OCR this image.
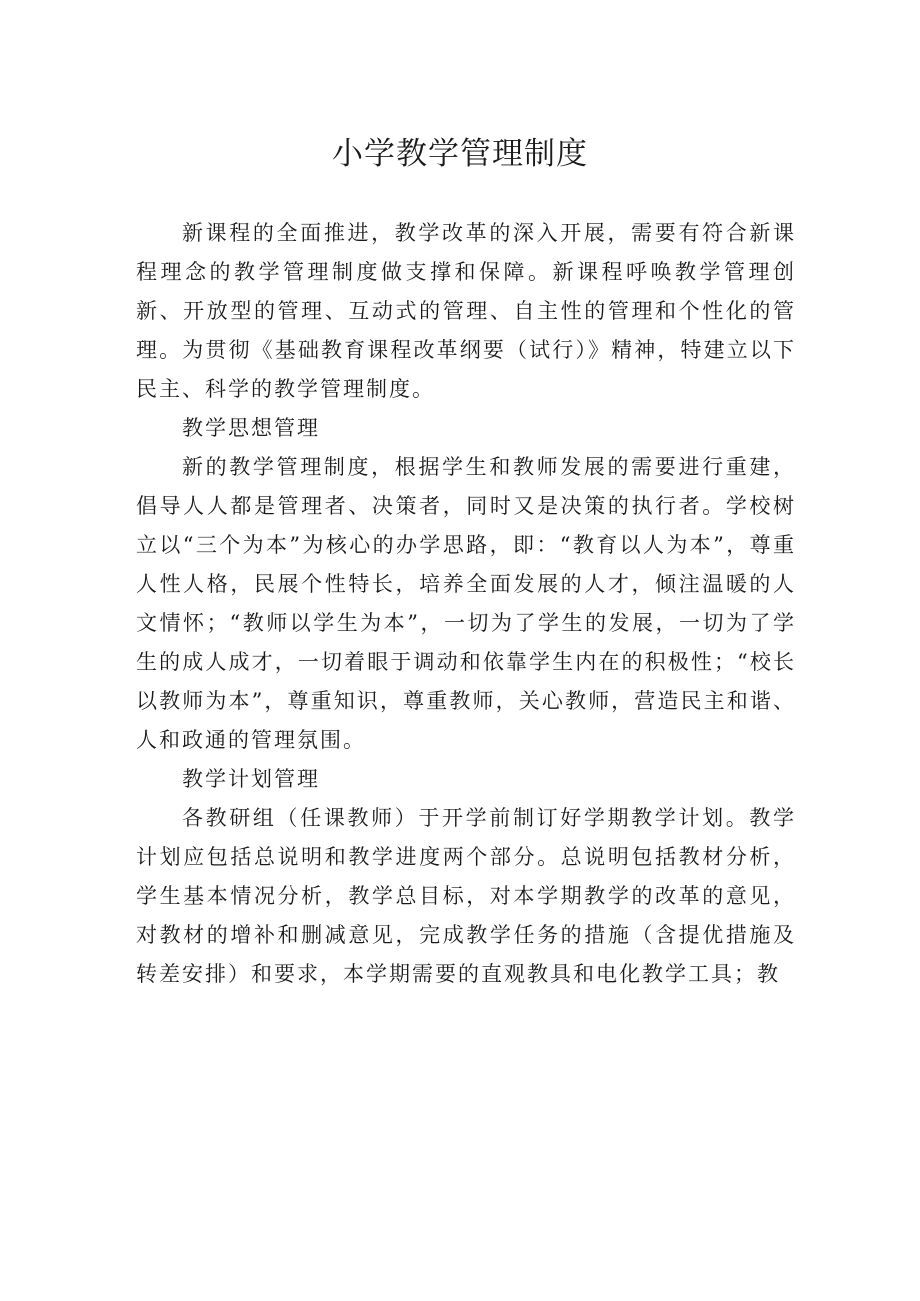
小学教学管理制度

新课程的全面推进，教学改革的深入开展，需要有符合新课程理念的教学管理制度做支撑和保障。新课程呼唤教学管理创新、开放型的管理、互动式的管理、自主性的管理和个性化的管理。为贯彻《基础教育课程改革纲要（试行）》精神，特建立以下民主、科学的教学管理制度。

教学思想管理

新的教学管理制度，根据学生和教师发展的需要进行重建，倡导人人都是管理者、决策者，同时又是决策的执行者。学校树立以“三个为本”为核心的办学思路，即：“教育以人为本”，尊重人性人格，民展个性特长，培养全面发展的人才，倾注温暖的人文情怀；“教师以学生为本”，一切为了学生的发展，一切为了学生的成人成才，一切着眼于调动和依靠学生内在的积极性；“校长以教师为本”，尊重知识，尊重教师，关心教师，营造民主和谐、人和政通的管理氛围。

教学计划管理

各教研组（任课教师）于开学前制订好学期教学计划。教学计划应包括总说明和教学进度两个部分。总说明包括教材分析，学生基本情况分析，教学总目标，对本学期教学的改革的意见，对教材的增补和删减意见，完成教学任务的措施（含提优措施及转差安排）和要求，本学期需要的直观教具和电化教学工具；教
